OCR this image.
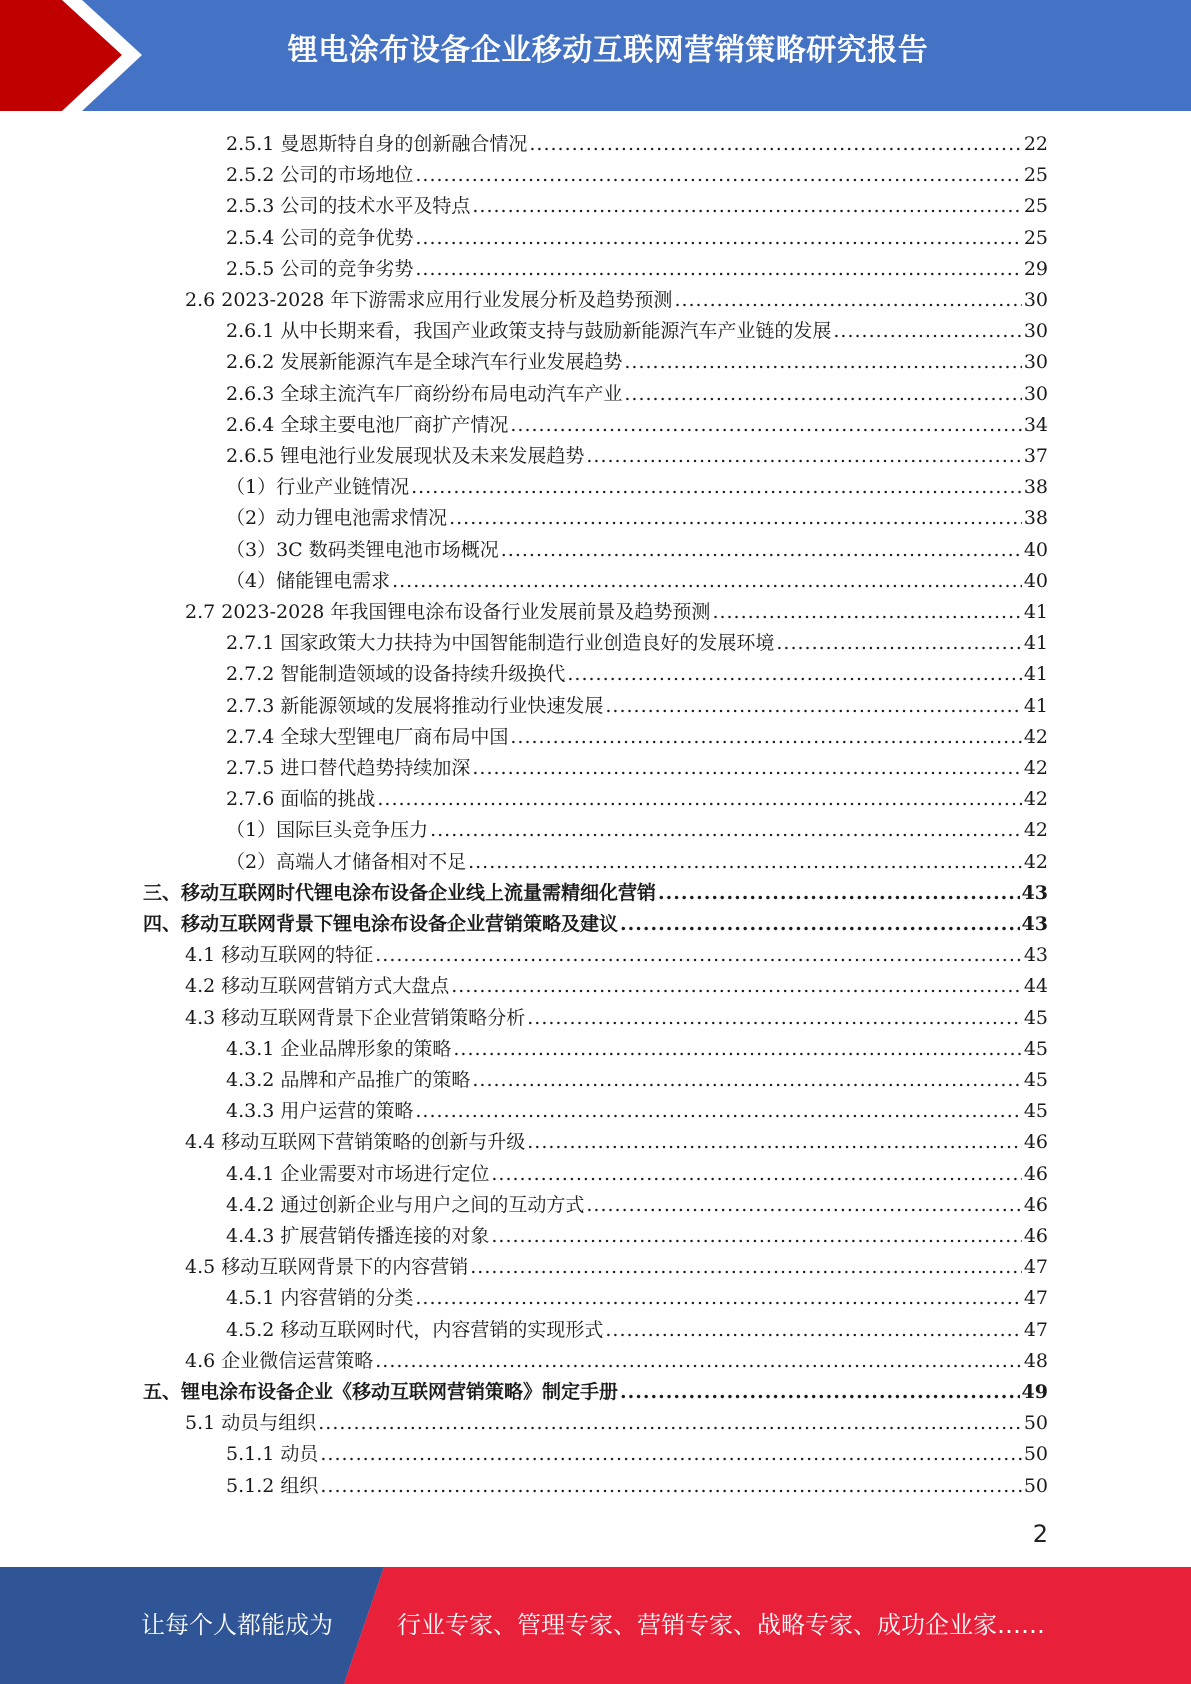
锂电涂布设备企业移动互联网营销策略研究报告
2.5.1 曼恩斯特自身的创新融合情况 .....	22
2.5.2 公司的市场地位 .....	25
2.5.3 公司的技术水平及特点 .....	25
2.5.4 公司的竞争优势 .....	25
2.5.5 公司的竞争劣势 .....	29
2.6 2023-2028 年下游需求应用行业发展分析及趋势预测 .....	30
2.6.1 从中长期来看，我国产业政策支持与鼓励新能源汽车产业链的发展 .....	30
2.6.2 发展新能源汽车是全球汽车行业发展趋势 .....	30
2.6.3 全球主流汽车厂商纷纷布局电动汽车产业 .....	30
2.6.4 全球主要电池厂商扩产情况 .....	34
2.6.5 锂电池行业发展现状及未来发展趋势 .....	37
（1）行业产业链情况 .....	38
（2）动力锂电池需求情况 .....	38
（3）3C 数码类锂电池市场概况 .....	40
（4）储能锂电需求 .....	40
2.7 2023-2028 年我国锂电涂布设备行业发展前景及趋势预测 .....	41
2.7.1 国家政策大力扶持为中国智能制造行业创造良好的发展环境 .....	41
2.7.2 智能制造领域的设备持续升级换代 .....	41
2.7.3 新能源领域的发展将推动行业快速发展 .....	41
2.7.4 全球大型锂电厂商布局中国 .....	42
2.7.5 进口替代趋势持续加深 .....	42
2.7.6 面临的挑战 .....	42
（1）国际巨头竞争压力 .....	42
（2）高端人才储备相对不足 .....	42
三、移动互联网时代锂电涂布设备企业线上流量需精细化营销 .....	43
四、移动互联网背景下锂电涂布设备企业营销策略及建议 .....	43
4.1 移动互联网的特征 .....	43
4.2 移动互联网营销方式大盘点 .....	44
4.3 移动互联网背景下企业营销策略分析 .....	45
4.3.1 企业品牌形象的策略 .....	45
4.3.2 品牌和产品推广的策略 .....	45
4.3.3 用户运营的策略 .....	45
4.4 移动互联网下营销策略的创新与升级 .....	46
4.4.1 企业需要对市场进行定位 .....	46
4.4.2 通过创新企业与用户之间的互动方式 .....	46
4.4.3 扩展营销传播连接的对象 .....	46
4.5 移动互联网背景下的内容营销 .....	47
4.5.1 内容营销的分类 .....	47
4.5.2 移动互联网时代，内容营销的实现形式 .....	47
4.6 企业微信运营策略 .....	48
五、锂电涂布设备企业《移动互联网营销策略》制定手册 .....	49
5.1 动员与组织 .....	50
5.1.1 动员 .....	50
5.1.2 组织 .....	50
2
让每个人都能成为	行业专家、管理专家、营销专家、战略专家、成功企业家……
